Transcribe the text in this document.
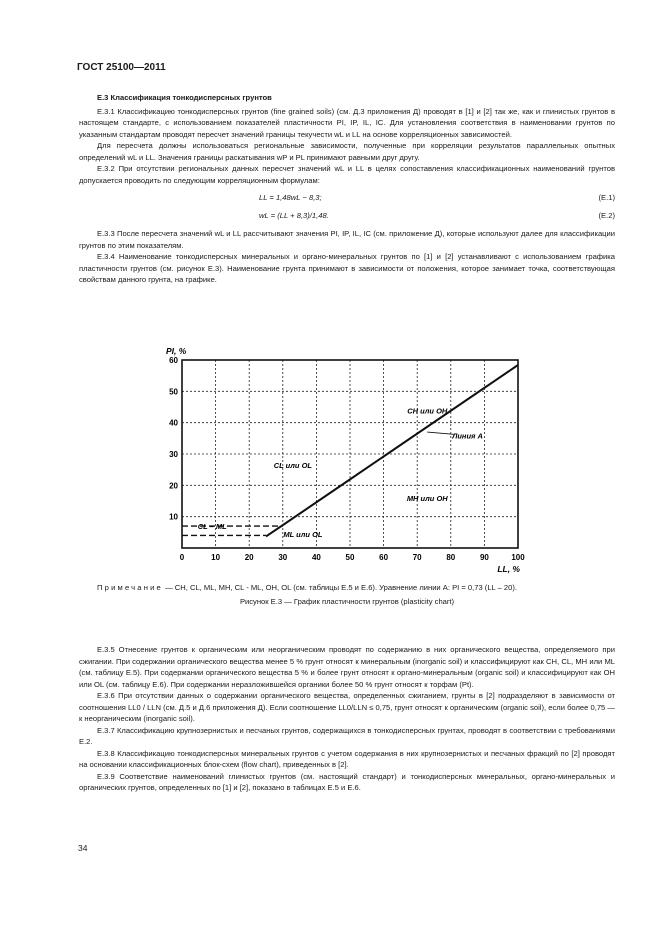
ГОСТ 25100—2011

Е.3 Классификация тонкодисперсных грунтов

Е.3.1 Классификацию тонкодисперсных грунтов (fine grained soils) (см. Д.3 приложения Д) проводят в [1] и [2] так же, как и глинистых грунтов в настоящем стандарте, с использованием показателей пластичности PI, IP, IL, IC. Для установления соответствия в наименовании грунтов по указанным стандартам проводят пересчет значений границы текучести wL и LL на основе корреляционных зависимостей.

Для пересчета должны использоваться региональные зависимости, полученные при корреляции результатов параллельных опытных определений wL и LL. Значения границы раскатывания wP и PL принимают равными друг другу.

Е.3.2 При отсутствии региональных данных пересчет значений wL и LL в целях сопоставления классификационных наименований грунтов допускается проводить по следующим корреляционным формулам:

LL = 1,48wL − 8,3;	(Е.1)
wL = (LL + 8,3)/1,48.	(Е.2)

Е.3.3 После пересчета значений wL и LL рассчитывают значения PI, IP, IL, IC (см. приложение Д), которые используют далее для классификации грунтов по этим показателям.

Е.3.4 Наименование тонкодисперсных минеральных и органо-минеральных грунтов по [1] и [2] устанавливают с использованием графика пластичности грунтов (см. рисунок Е.3). Наименование грунта принимают в зависимости от положения, которое занимает точка, соответствующая свойствам данного грунта, на графике.

0	10	20	30	40	50	60	70	80	90	100
10
20
30
40
50
60
PI, %
LL, %
CH или OH
CL или OL
MH или OH
CL – ML
ML или OL
Линия А

Примечание — CH, CL, ML, MH, CL - ML, OH, OL (см. таблицы Е.5 и Е.6). Уравнение линии А: PI = 0,73 (LL – 20).

Рисунок Е.3 — График пластичности грунтов (plasticity chart)

Е.3.5 Отнесение грунтов к органическим или неорганическим проводят по содержанию в них органического вещества, определяемого при сжигании. При содержании органического вещества менее 5 % грунт относят к минеральным (inorganic soil) и классифицируют как CH, CL, MH или ML (см. таблицу Е.5). При содержании органического вещества 5 % и более грунт относят к органо-минеральным (organic soil) и классифицируют как OH или OL (см. таблицу Е.6). При содержании неразложившейся органики более 50 % грунт относят к торфам (Pt).

Е.3.6 При отсутствии данных о содержании органического вещества, определенных сжиганием, грунты в [2] подразделяют в зависимости от соотношения LL0 / LLN (см. Д.5 и Д.6 приложения Д). Если соотношение LL0/LLN ≤ 0,75, грунт относят к органическим (organic soil), если более 0,75 — к неорганическим (inorganic soil).

Е.3.7 Классификацию крупнозернистых и песчаных грунтов, содержащихся в тонкодисперсных грунтах, проводят в соответствии с требованиями Е.2.

Е.3.8 Классификацию тонкодисперсных минеральных грунтов с учетом содержания в них крупнозернистых и песчаных фракций по [2] проводят на основании классификационных блок-схем (flow chart), приведенных в [2].

Е.3.9 Соответствие наименований глинистых грунтов (см. настоящий стандарт) и тонкодисперсных минеральных, органо-минеральных и органических грунтов, определенных по [1] и [2], показано в таблицах Е.5 и Е.6.

34
